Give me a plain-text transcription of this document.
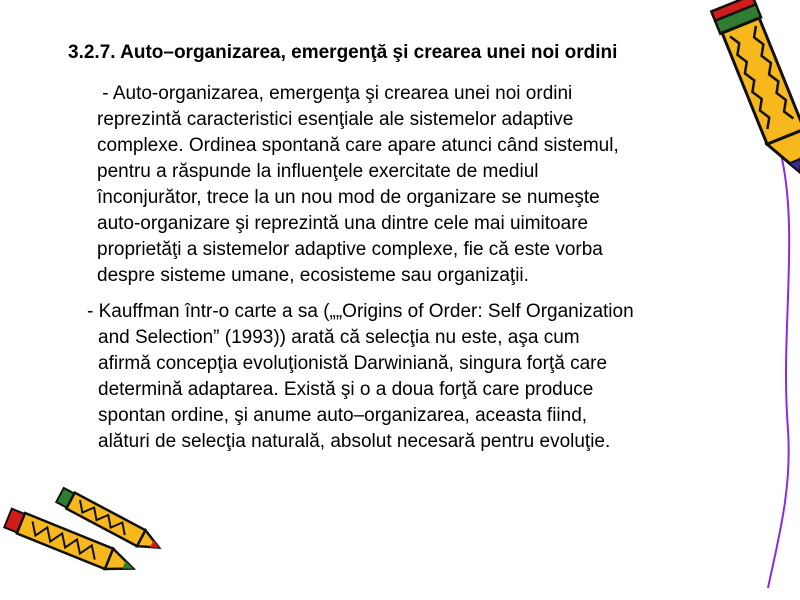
3.2.7. Auto–organizarea, emergenţă şi crearea unei noi ordini
- Auto-organizarea, emergenţa şi crearea unei noi ordini
reprezintă caracteristici esenţiale ale sistemelor adaptive
complexe. Ordinea spontană care apare atunci când sistemul,
pentru a răspunde la influenţele exercitate de mediul
înconjurător, trece la un nou mod de organizare se numeşte
auto-organizare şi reprezintă una dintre cele mai uimitoare
proprietăţi a sistemelor adaptive complexe, fie că este vorba
despre sisteme umane, ecosisteme sau organizaţii.
- Kauffman într-o carte a sa („„Origins of Order: Self Organization
and Selection” (1993)) arată că selecţia nu este, aşa cum
afirmă concepţia evoluţionistă Darwiniană, singura forţă care
determină adaptarea. Există şi o a doua forţă care produce
spontan ordine, şi anume auto–organizarea, aceasta fiind,
alături de selecţia naturală, absolut necesară pentru evoluţie.
